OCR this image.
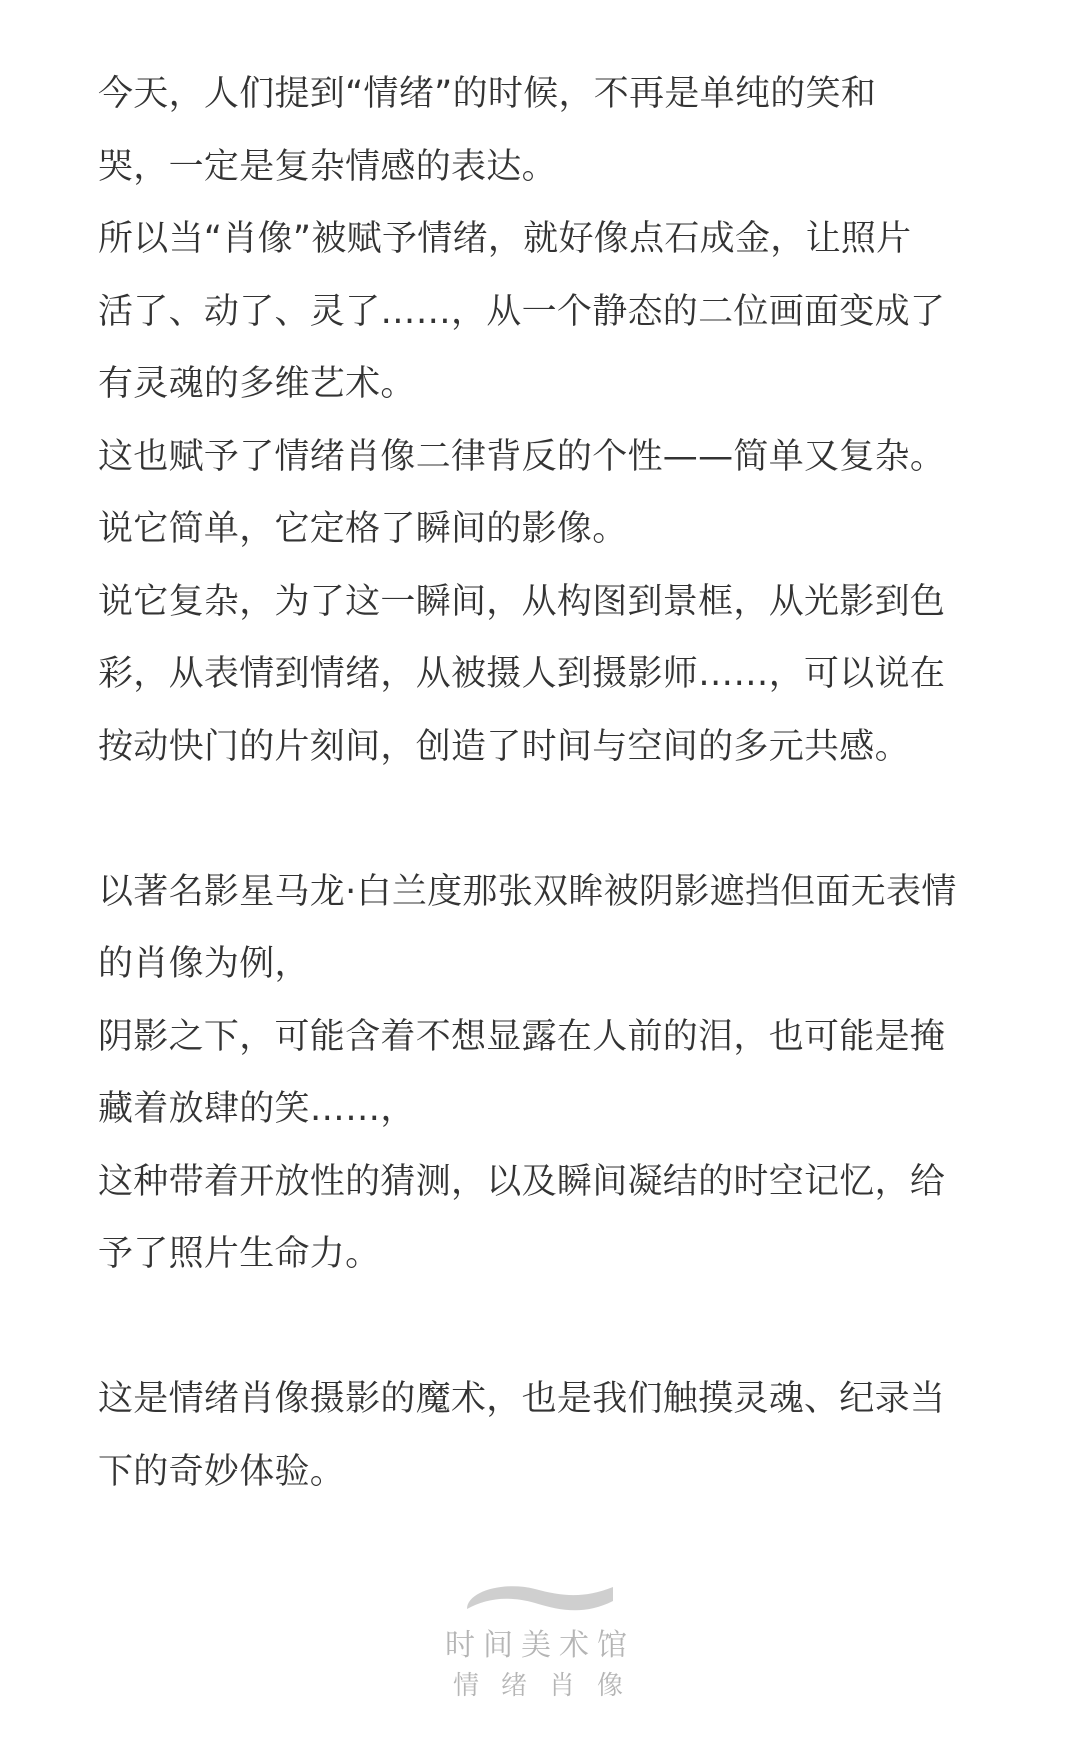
今天，人们提到“情绪”的时候，不再是单纯的笑和
哭，一定是复杂情感的表达。

所以当“肖像”被赋予情绪，就好像点石成金，让照片
活了、动了、灵了……，从一个静态的二位画面变成了
有灵魂的多维艺术。

这也赋予了情绪肖像二律背反的个性——简单又复杂。

说它简单，它定格了瞬间的影像。

说它复杂，为了这一瞬间，从构图到景框，从光影到色
彩，从表情到情绪，从被摄人到摄影师……，可以说在
按动快门的片刻间，创造了时间与空间的多元共感。

以著名影星马龙·白兰度那张双眸被阴影遮挡但面无表情
的肖像为例，

阴影之下，可能含着不想显露在人前的泪，也可能是掩
藏着放肆的笑……，

这种带着开放性的猜测，以及瞬间凝结的时空记忆，给
予了照片生命力。

这是情绪肖像摄影的魔术，也是我们触摸灵魂、纪录当
下的奇妙体验。

时间美术馆
情绪肖像
